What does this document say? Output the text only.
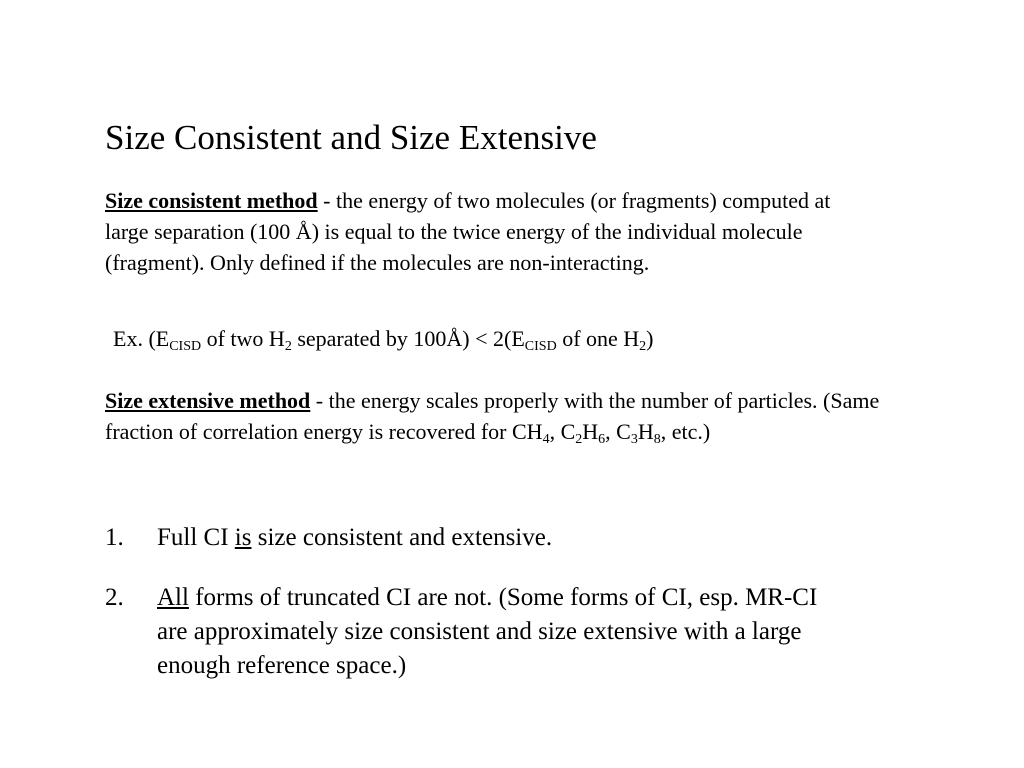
Size Consistent and Size Extensive
Size consistent method - the energy of two molecules (or fragments) computed at large separation (100 Å) is equal to the twice energy of the individual molecule (fragment). Only defined if the molecules are non-interacting.
Ex. ($E_{CISD}$ of two $H_2$ separated by 100Å) < $2(E_{CISD}$ of one $H_2$)
Size extensive method - the energy scales properly with the number of particles. (Same fraction of correlation energy is recovered for $CH_4$, $C_2H_6$, $C_3H_8$, etc.)
1. Full CI is size consistent and extensive.
2. All forms of truncated CI are not. (Some forms of CI, esp. MR-CI are approximately size consistent and size extensive with a large enough reference space.)
